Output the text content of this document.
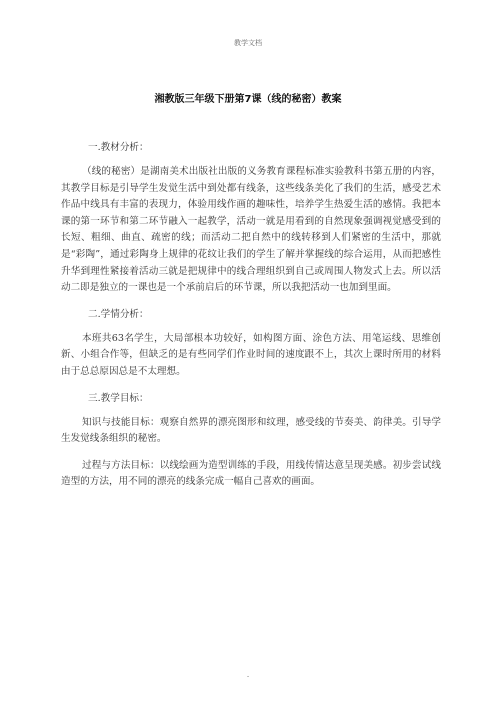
教学文档
湘教版三年级下册第7课（线的秘密）教案

一.教材分析：

（线的秘密）是湖南美术出版社出版的义务教育课程标准实验教科书第五册的内容，其教学目标是引导学生发觉生活中到处都有线条，这些线条美化了我们的生活，感受艺术作品中线具有丰富的表现力，体验用线作画的趣味性，培养学生热爱生活的感情。我把本课的第一环节和第二环节融入一起教学，活动一就是用看到的自然现象强调视觉感受到的长短、粗细、曲直、疏密的线；而活动二把自然中的线转移到人们紧密的生活中，那就是“彩陶”，通过彩陶身上规律的花纹让我们的学生了解并掌握线的综合运用，从而把感性升华到理性紧接着活动三就是把规律中的线合理组织到自己或周围人物发式上去。所以活动二即是独立的一课也是一个承前启后的环节课，所以我把活动一也加到里面。

二.学情分析：

本班共63名学生，大局部根本功较好，如构图方面、涂色方法、用笔运线、思维创新、小组合作等，但缺乏的是有些同学们作业时间的速度跟不上，其次上课时所用的材料由于总总原因总是不太理想。

三.教学目标：

知识与技能目标：观察自然界的漂亮图形和纹理，感受线的节奏美、韵律美。引导学生发觉线条组织的秘密。

过程与方法目标：以线绘画为造型训练的手段，用线传情达意呈现美感。初步尝试线造型的方法，用不同的漂亮的线条完成一幅自己喜欢的画面。

.
